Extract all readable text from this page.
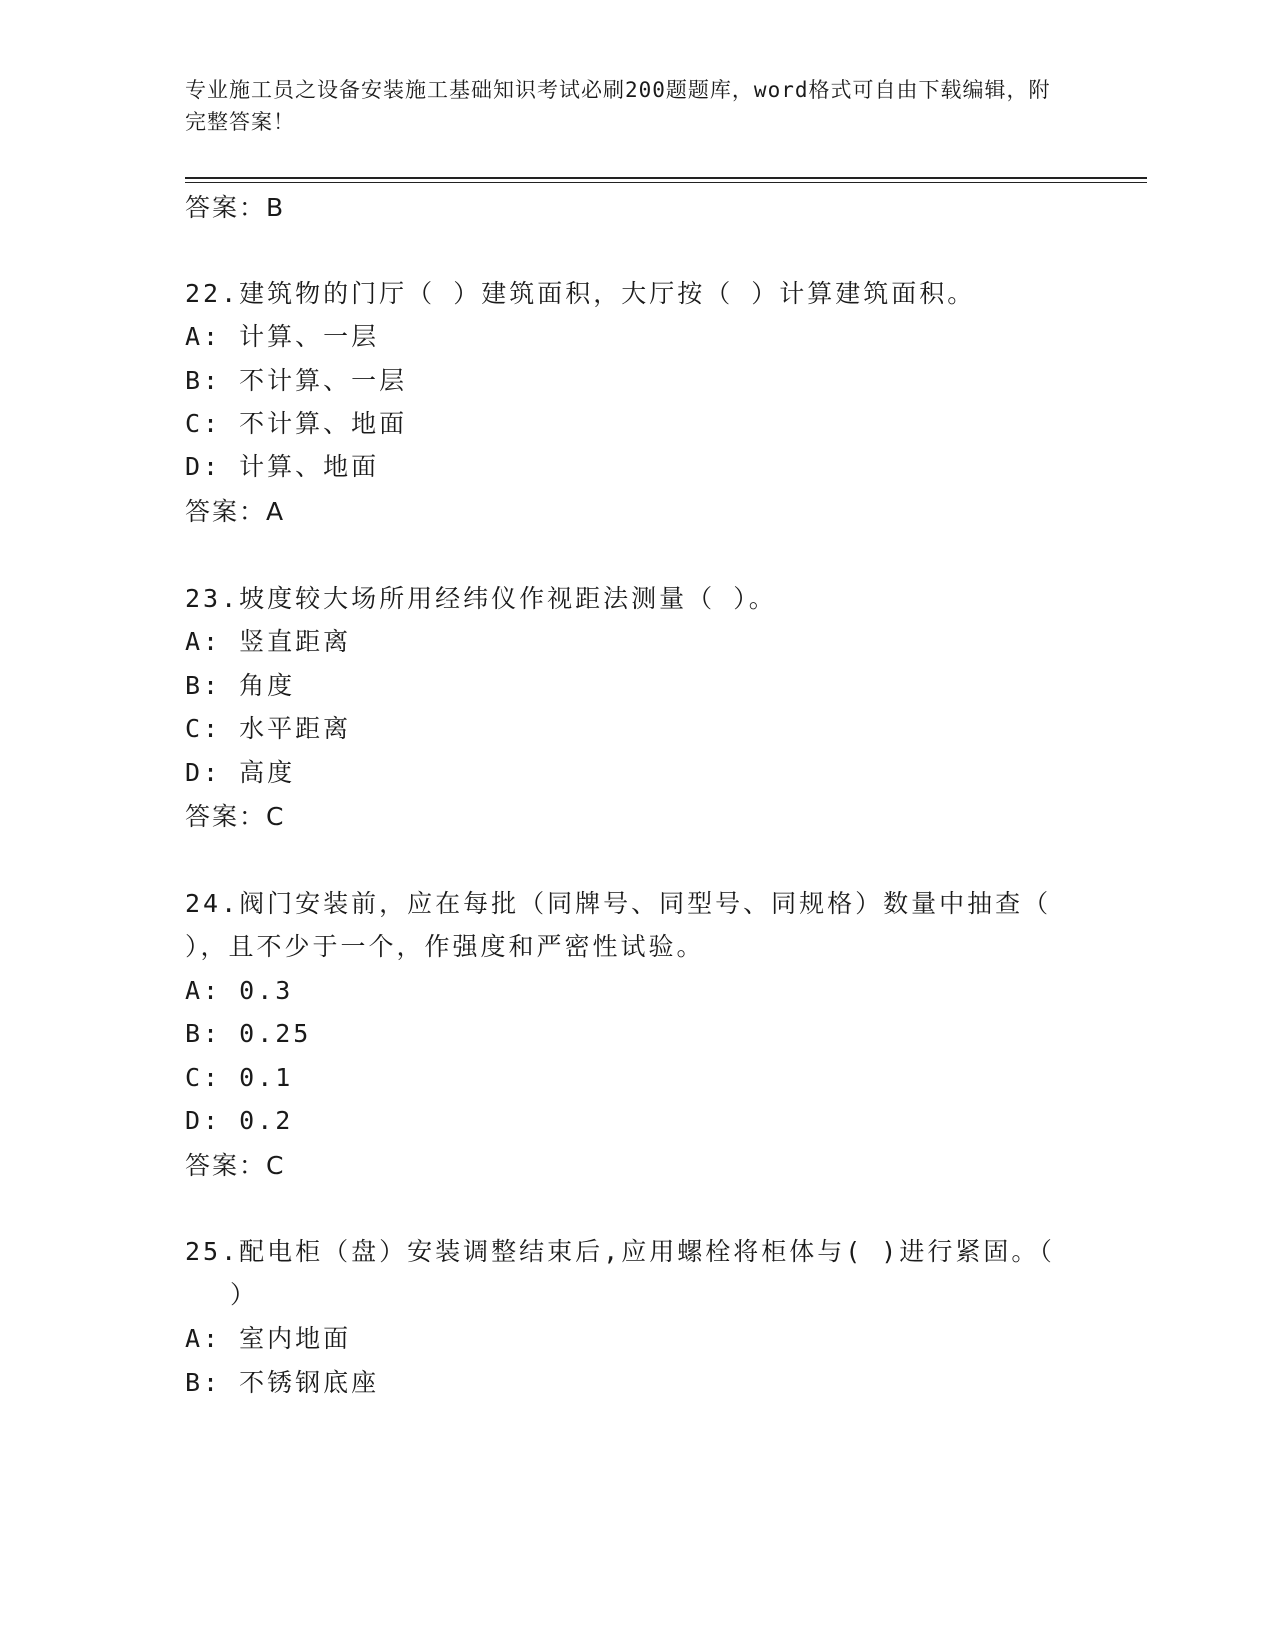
专业施工员之设备安装施工基础知识考试必刷200题题库，word格式可自由下载编辑，附完整答案！
答案：B
22.建筑物的门厅（ ）建筑面积，大厅按（ ）计算建筑面积。
A: 计算、一层
B: 不计算、一层
C: 不计算、地面
D: 计算、地面
答案：A
23.坡度较大场所用经纬仪作视距法测量（ ）。
A: 竖直距离
B: 角度
C: 水平距离
D: 高度
答案：C
24.阀门安装前，应在每批（同牌号、同型号、同规格）数量中抽查（
），且不少于一个，作强度和严密性试验。
A: 0.3
B: 0.25
C: 0.1
D: 0.2
答案：C
25.配电柜（盘）安装调整结束后,应用螺栓将柜体与( )进行紧固。（
）
A: 室内地面
B: 不锈钢底座
